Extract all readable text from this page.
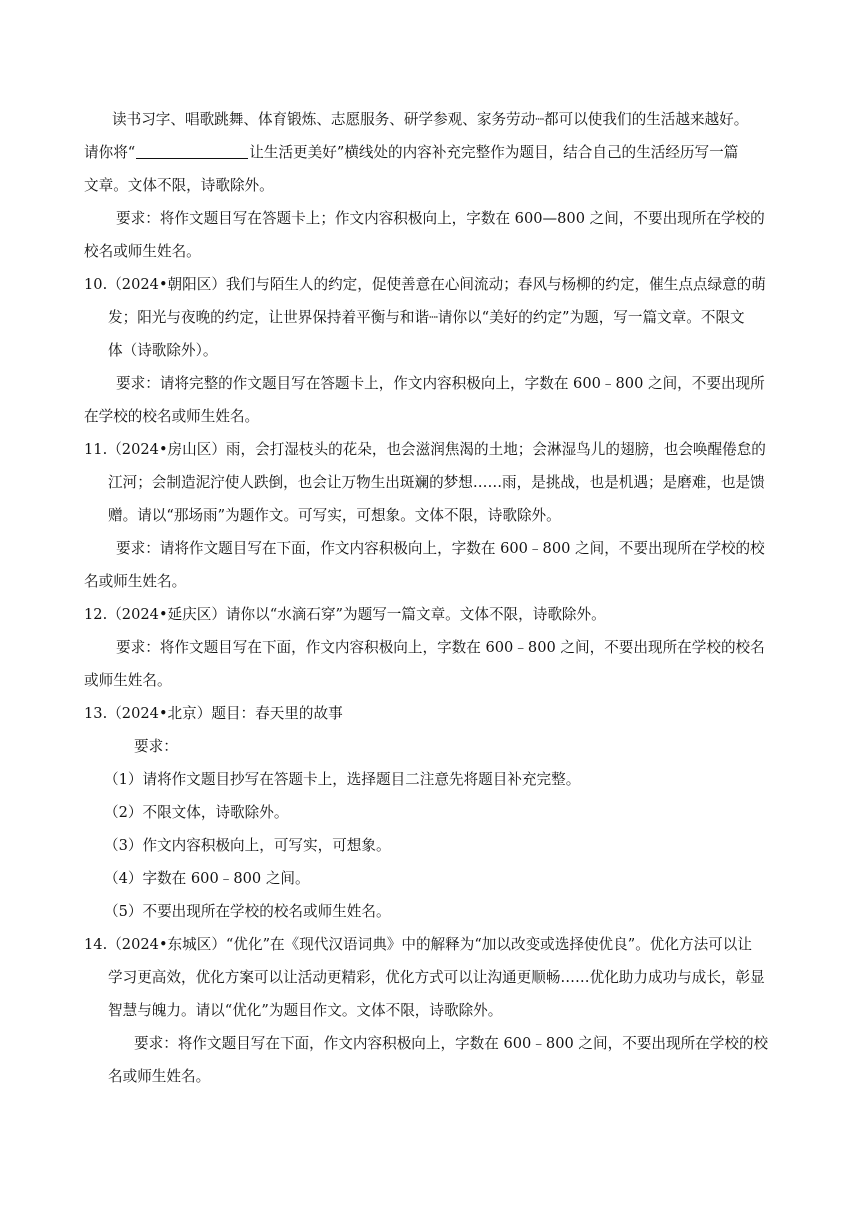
读书习字、唱歌跳舞、体育锻炼、志愿服务、研学参观、家务劳动┈都可以使我们的生活越来越好。
请你将“	让生活更美好”横线处的内容补充完整作为题目，结合自己的生活经历写一篇
文章。文体不限，诗歌除外。
要求：将作文题目写在答题卡上；作文内容积极向上，字数在 600—800 之间，不要出现所在学校的
校名或师生姓名。
10.（2024•朝阳区）我们与陌生人的约定，促使善意在心间流动；春风与杨柳的约定，催生点点绿意的萌
发；阳光与夜晚的约定，让世界保持着平衡与和谐┈请你以“美好的约定”为题，写一篇文章。不限文
体（诗歌除外）。
要求：请将完整的作文题目写在答题卡上，作文内容积极向上，字数在 600﹣800 之间，不要出现所
在学校的校名或师生姓名。
11.（2024•房山区）雨，会打湿枝头的花朵，也会滋润焦渴的土地；会淋湿鸟儿的翅膀，也会唤醒倦怠的
江河；会制造泥泞使人跌倒，也会让万物生出斑斓的梦想……雨，是挑战，也是机遇；是磨难，也是馈
赠。请以“那场雨”为题作文。可写实，可想象。文体不限，诗歌除外。
要求：请将作文题目写在下面，作文内容积极向上，字数在 600﹣800 之间，不要出现所在学校的校
名或师生姓名。
12.（2024•延庆区）请你以“水滴石穿”为题写一篇文章。文体不限，诗歌除外。
要求：将作文题目写在下面，作文内容积极向上，字数在 600﹣800 之间，不要出现所在学校的校名
或师生姓名。
13.（2024•北京）题目：春天里的故事
要求：
（1）请将作文题目抄写在答题卡上，选择题目二注意先将题目补充完整。
（2）不限文体，诗歌除外。
（3）作文内容积极向上，可写实，可想象。
（4）字数在 600﹣800 之间。
（5）不要出现所在学校的校名或师生姓名。
14.（2024•东城区）“优化”在《现代汉语词典》中的解释为“加以改变或选择使优良”。优化方法可以让
学习更高效，优化方案可以让活动更精彩，优化方式可以让沟通更顺畅……优化助力成功与成长，彰显
智慧与魄力。请以“优化”为题目作文。文体不限，诗歌除外。
要求：将作文题目写在下面，作文内容积极向上，字数在 600﹣800 之间，不要出现所在学校的校
名或师生姓名。
